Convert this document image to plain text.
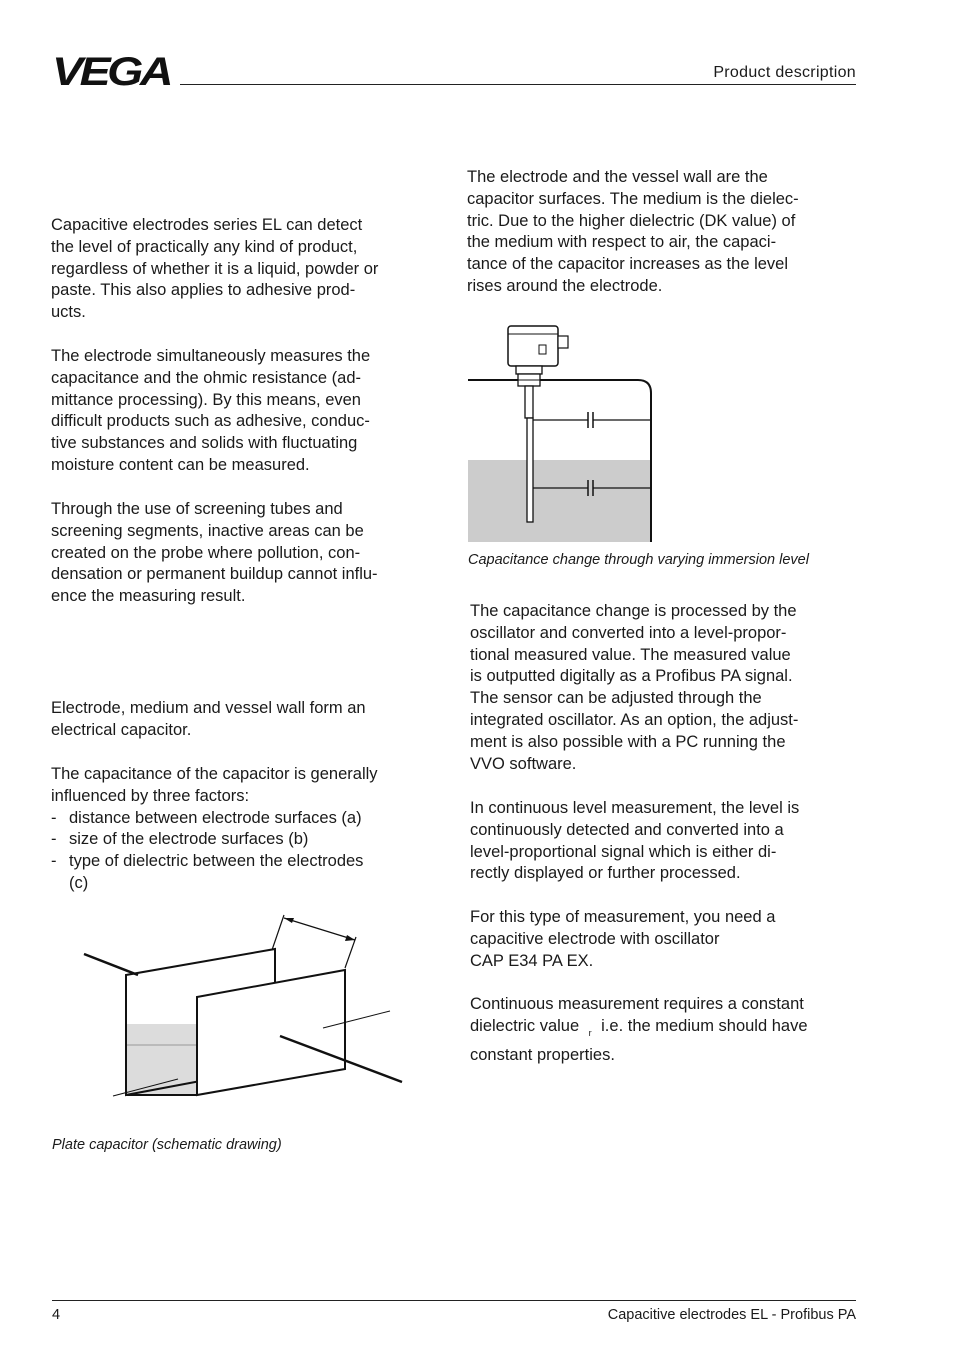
VEGA	Product description
Capacitive electrodes series EL can detect
the level of practically any kind of product,
regardless of whether it is a liquid, powder or
paste. This also applies to adhesive prod-
ucts.
The electrode simultaneously measures the
capacitance and the ohmic resistance (ad-
mittance processing). By this means, even
difficult products such as adhesive, conduc-
tive substances and solids with fluctuating
moisture content can be measured.
Through the use of screening tubes and
screening segments, inactive areas can be
created on the probe where pollution, con-
densation or permanent buildup cannot influ-
ence the measuring result.
Electrode, medium and vessel wall form an
electrical capacitor.
The capacitance of the capacitor is generally
influenced by three factors:
- distance between electrode surfaces (a)
- size of the electrode surfaces (b)
- type of dielectric between the electrodes
(c)
Plate capacitor (schematic drawing)
The electrode and the vessel wall are the
capacitor surfaces. The medium is the dielec-
tric. Due to the higher dielectric (DK value) of
the medium with respect to air, the capaci-
tance of the capacitor increases as the level
rises around the electrode.
Capacitance change through varying immersion level
The capacitance change is processed by the
oscillator and converted into a level-propor-
tional measured value. The measured value
is outputted digitally as a Profibus PA signal.
The sensor can be adjusted through the
integrated oscillator. As an option, the adjust-
ment is also possible with a PC running the
VVO software.
In continuous level measurement, the level is
continuously detected and converted into a
level-proportional signal which is either di-
rectly displayed or further processed.
For this type of measurement, you need a
capacitive electrode with oscillator
CAP E34 PA EX.
Continuous measurement requires a constant
dielectric value r i.e. the medium should have
constant properties.
4	Capacitive electrodes EL - Profibus PA
